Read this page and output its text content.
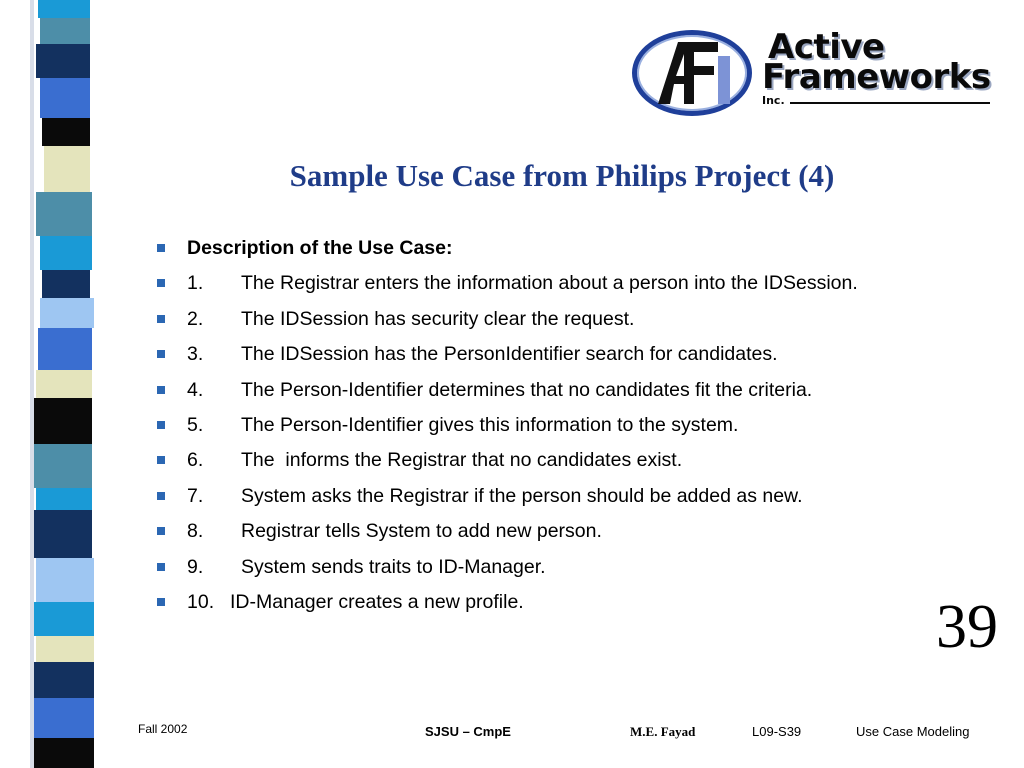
Active
Frameworks
Inc.
Sample Use Case from Philips Project (4)
Description of the Use Case:
1. The Registrar enters the information about a person into the IDSession.
2. The IDSession has security clear the request.
3. The IDSession has the PersonIdentifier search for candidates.
4. The Person-Identifier determines that no candidates fit the criteria.
5. The Person-Identifier gives this information to the system.
6. The  informs the Registrar that no candidates exist.
7. System asks the Registrar if the person should be added as new.
8. Registrar tells System to add new person.
9. System sends traits to ID-Manager.
10. ID-Manager creates a new profile.	39
Fall 2002	SJSU – CmpE	M.E. Fayad	L09-S39	Use Case Modeling
